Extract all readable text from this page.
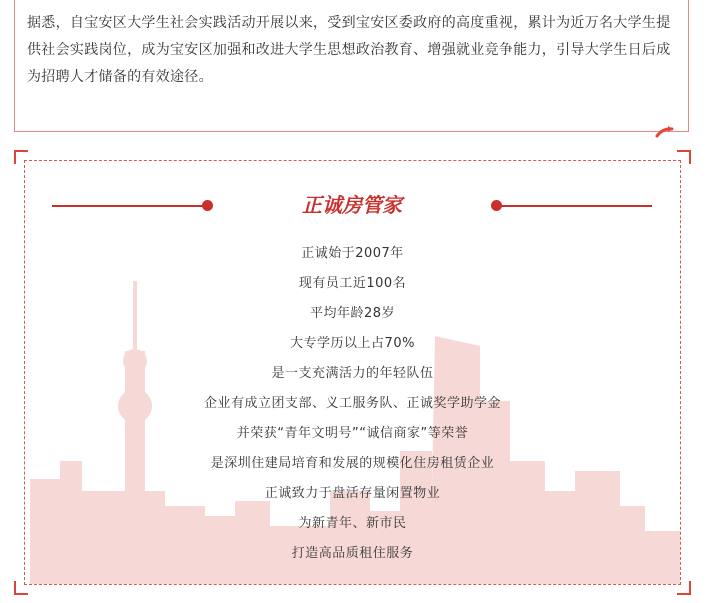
据悉，自宝安区大学生社会实践活动开展以来，受到宝安区委政府的高度重视，累计为近万名大学生提供社会实践岗位，成为宝安区加强和改进大学生思想政治教育、增强就业竞争能力，引导大学生日后成为招聘人才储备的有效途径。
正诚房管家
正诚始于2007年
现有员工近100名
平均年龄28岁
大专学历以上占70%
是一支充满活力的年轻队伍
企业有成立团支部、义工服务队、正诚奖学助学金
并荣获“青年文明号”“诚信商家”等荣誉
是深圳住建局培育和发展的规模化住房租赁企业
正诚致力于盘活存量闲置物业
为新青年、新市民
打造高品质租住服务
